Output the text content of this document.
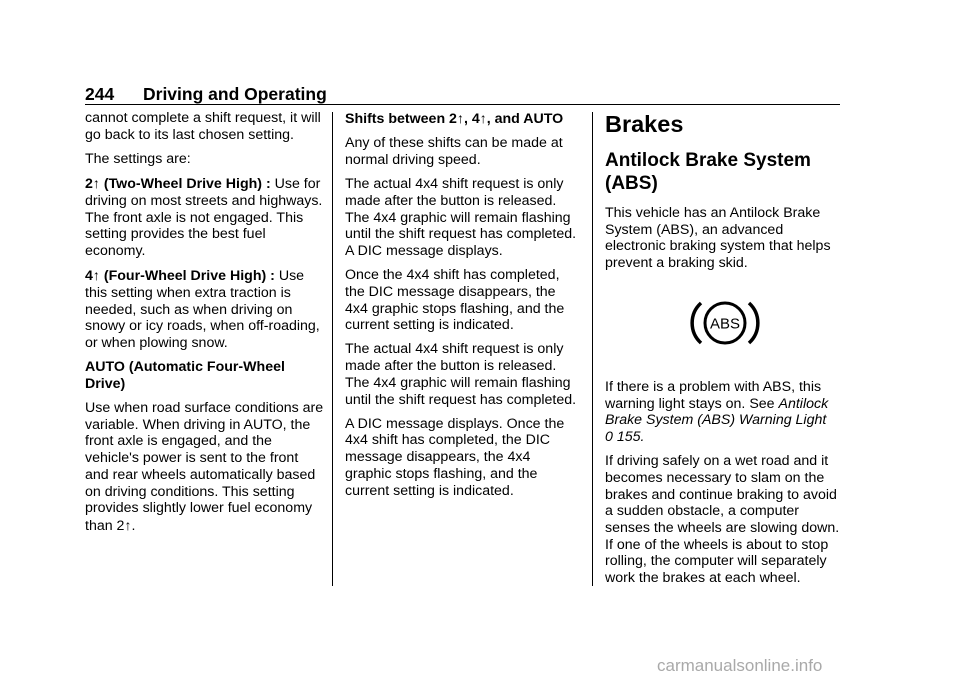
244 Driving and Operating

cannot complete a shift request, it will go back to its last chosen setting.

The settings are:

2↑ (Two-Wheel Drive High) : Use for driving on most streets and highways. The front axle is not engaged. This setting provides the best fuel economy.

4↑ (Four-Wheel Drive High) : Use this setting when extra traction is needed, such as when driving on snowy or icy roads, when off-roading, or when plowing snow.

AUTO (Automatic Four-Wheel Drive)

Use when road surface conditions are variable. When driving in AUTO, the front axle is engaged, and the vehicle's power is sent to the front and rear wheels automatically based on driving conditions. This setting provides slightly lower fuel economy than 2↑.

Shifts between 2↑, 4↑, and AUTO

Any of these shifts can be made at normal driving speed.

The actual 4x4 shift request is only made after the button is released. The 4x4 graphic will remain flashing until the shift request has completed. A DIC message displays.

Once the 4x4 shift has completed, the DIC message disappears, the 4x4 graphic stops flashing, and the current setting is indicated.

The actual 4x4 shift request is only made after the button is released. The 4x4 graphic will remain flashing until the shift request has completed.

A DIC message displays. Once the 4x4 shift has completed, the DIC message disappears, the 4x4 graphic stops flashing, and the current setting is indicated.

Brakes
Antilock Brake System (ABS)

This vehicle has an Antilock Brake System (ABS), an advanced electronic braking system that helps prevent a braking skid.

ABS

If there is a problem with ABS, this warning light stays on. See Antilock Brake System (ABS) Warning Light
0 155.

If driving safely on a wet road and it becomes necessary to slam on the brakes and continue braking to avoid a sudden obstacle, a computer senses the wheels are slowing down. If one of the wheels is about to stop rolling, the computer will separately work the brakes at each wheel.

carmanualsonline.info
